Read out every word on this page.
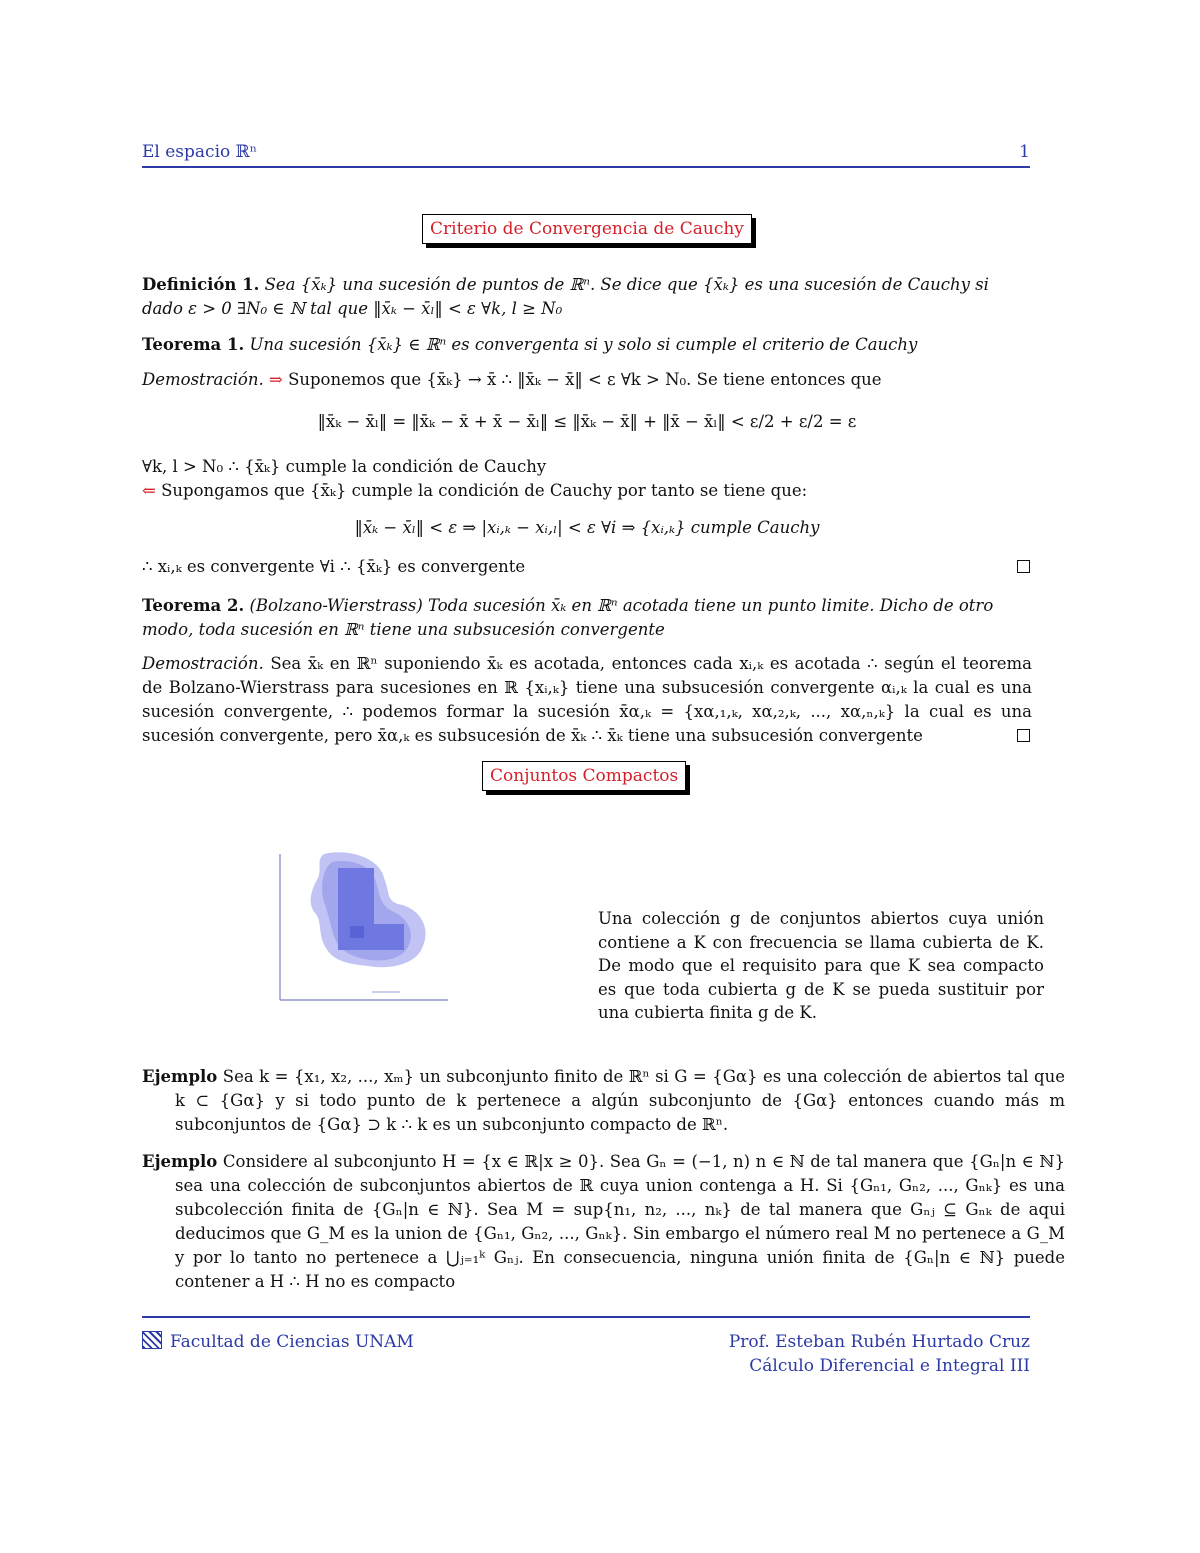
El espacio ℝⁿ	1
Criterio de Convergencia de Cauchy
Definición 1. Sea {x̄ₖ} una sucesión de puntos de ℝⁿ. Se dice que {x̄ₖ} es una sucesión de Cauchy si dado ε > 0 ∃N₀ ∈ ℕ tal que ‖x̄ₖ − x̄ₗ‖ < ε ∀k, l ≥ N₀
Teorema 1. Una sucesión {x̄ₖ} ∈ ℝⁿ es convergenta si y solo si cumple el criterio de Cauchy
Demostración. ⇒ Suponemos que {x̄ₖ} → x̄ ∴ ‖x̄ₖ − x̄‖ < ε ∀k > N₀. Se tiene entonces que
‖x̄ₖ − x̄ₗ‖ = ‖x̄ₖ − x̄ + x̄ − x̄ₗ‖ ≤ ‖x̄ₖ − x̄‖ + ‖x̄ − x̄ₗ‖ < ε/2 + ε/2 = ε
∀k, l > N₀ ∴ {x̄ₖ} cumple la condición de Cauchy
⇐ Supongamos que {x̄ₖ} cumple la condición de Cauchy por tanto se tiene que:
‖x̄ₖ − x̄ₗ‖ < ε ⇒ |xᵢ,ₖ − xᵢ,ₗ| < ε ∀i ⇒ {xᵢ,ₖ} cumple Cauchy
∴ xᵢ,ₖ es convergente ∀i ∴ {x̄ₖ} es convergente
Teorema 2. (Bolzano-Wierstrass) Toda sucesión x̄ₖ en ℝⁿ acotada tiene un punto limite. Dicho de otro modo, toda sucesión en ℝⁿ tiene una subsucesión convergente
Demostración. Sea x̄ₖ en ℝⁿ suponiendo x̄ₖ es acotada, entonces cada xᵢ,ₖ es acotada ∴ según el teorema de Bolzano-Wierstrass para sucesiones en ℝ {xᵢ,ₖ} tiene una subsucesión convergente αᵢ,ₖ la cual es una sucesión convergente, ∴ podemos formar la sucesión x̄α,ₖ = {xα,₁,ₖ, xα,₂,ₖ, ..., xα,ₙ,ₖ} la cual es una sucesión convergente, pero x̄α,ₖ es subsucesión de x̄ₖ ∴ x̄ₖ tiene una subsucesión convergente
Conjuntos Compactos
Una colección g de conjuntos abiertos cuya unión contiene a K con frecuencia se llama cubierta de K. De modo que el requisito para que K sea compacto es que toda cubierta g de K se pueda sustituir por una cubierta finita g de K.
Ejemplo Sea k = {x₁, x₂, ..., xₘ} un subconjunto finito de ℝⁿ si G = {Gα} es una colección de abiertos tal que k ⊂ {Gα} y si todo punto de k pertenece a algún subconjunto de {Gα} entonces cuando más m subconjuntos de {Gα} ⊃ k ∴ k es un subconjunto compacto de ℝⁿ.
Ejemplo Considere al subconjunto H = {x ∈ ℝ|x ≥ 0}. Sea Gₙ = (−1, n) n ∈ ℕ de tal manera que {Gₙ|n ∈ ℕ} sea una colección de subconjuntos abiertos de ℝ cuya union contenga a H. Si {Gₙ₁, Gₙ₂, ..., Gₙₖ} es una subcolección finita de {Gₙ|n ∈ ℕ}. Sea M = sup{n₁, n₂, ..., nₖ} de tal manera que Gₙⱼ ⊆ Gₙₖ de aqui deducimos que G_M es la union de {Gₙ₁, Gₙ₂, ..., Gₙₖ}. Sin embargo el número real M no pertenece a G_M y por lo tanto no pertenece a ⋃ⱼ₌₁ᵏ Gₙⱼ. En consecuencia, ninguna unión finita de {Gₙ|n ∈ ℕ} puede contener a H ∴ H no es compacto
Facultad de Ciencias UNAM	Prof. Esteban Rubén Hurtado Cruz
Cálculo Diferencial e Integral III
